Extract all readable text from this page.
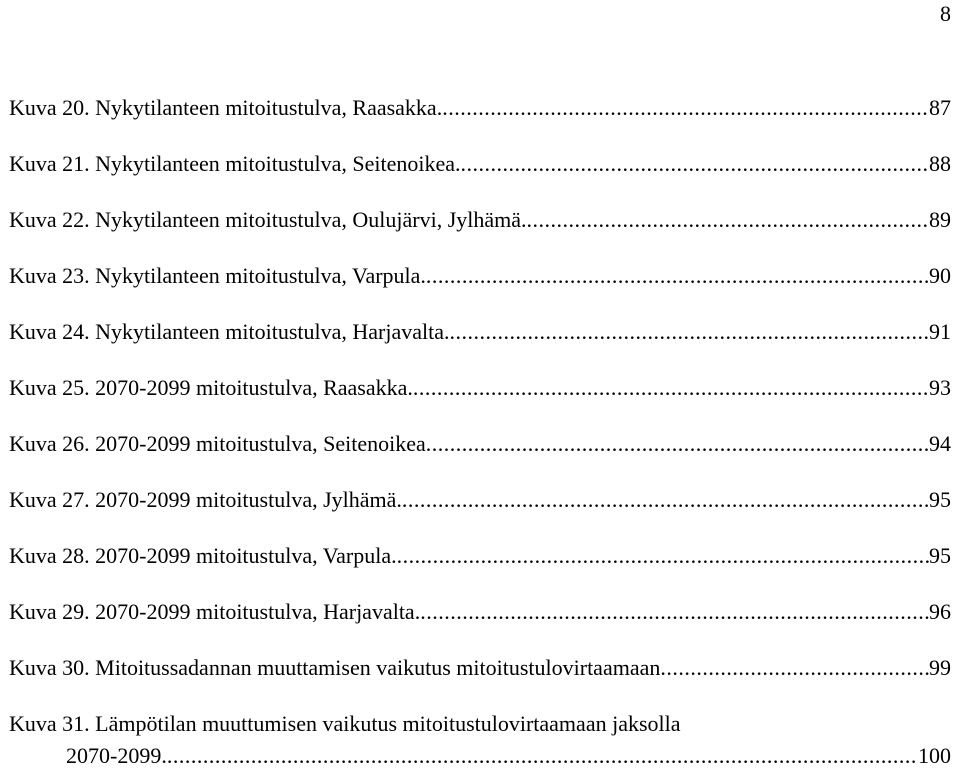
8
Kuva 20. Nykytilanteen mitoitustulva, Raasakka. .....	87
Kuva 21. Nykytilanteen mitoitustulva, Seitenoikea. .....	88
Kuva 22. Nykytilanteen mitoitustulva, Oulujärvi, Jylhämä. .....	89
Kuva 23. Nykytilanteen mitoitustulva, Varpula. .....	90
Kuva 24. Nykytilanteen mitoitustulva, Harjavalta. .....	91
Kuva 25. 2070-2099 mitoitustulva, Raasakka. .....	93
Kuva 26. 2070-2099 mitoitustulva, Seitenoikea .....	94
Kuva 27. 2070-2099 mitoitustulva, Jylhämä. .....	95
Kuva 28. 2070-2099 mitoitustulva, Varpula. .....	95
Kuva 29. 2070-2099 mitoitustulva, Harjavalta. .....	96
Kuva 30. Mitoitussadannan muuttamisen vaikutus mitoitustulovirtaamaan .....	99
Kuva 31. Lämpötilan muuttumisen vaikutus mitoitustulovirtaamaan jaksolla
2070-2099. .....	100
